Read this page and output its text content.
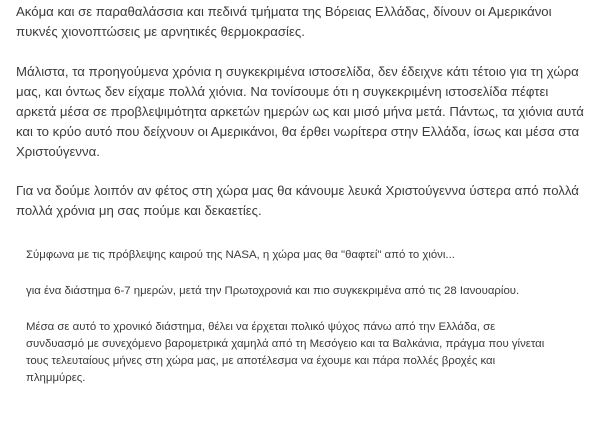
Ακόμα και σε παραθαλάσσια και πεδινά τμήματα της Βόρειας Ελλάδας, δίνουν οι Αμερικάνοι πυκνές χιονοπτώσεις με αρνητικές θερμοκρασίες.

Μάλιστα, τα προηγούμενα χρόνια η συγκεκριμένα ιστοσελίδα, δεν έδειχνε κάτι τέτοιο για τη χώρα μας, και όντως δεν είχαμε πολλά χιόνια. Να τονίσουμε ότι η συγκεκριμένη ιστοσελίδα πέφτει αρκετά μέσα σε προβλεψιμότητα αρκετών ημερών ως και μισό μήνα μετά. Πάντως, τα χιόνια αυτά και το κρύο αυτό που δείχνουν οι Αμερικάνοι, θα έρθει νωρίτερα στην Ελλάδα, ίσως και μέσα στα Χριστούγεννα.

Για να δούμε λοιπόν αν φέτος στη χώρα μας θα κάνουμε λευκά Χριστούγεννα ύστερα από πολλά πολλά χρόνια μη σας πούμε και δεκαετίες.

Σύμφωνα με τις πρόβλεψης καιρού της NASA, η χώρα μας θα "θαφτεί" από το χιόνι...

για ένα διάστημα 6-7 ημερών, μετά την Πρωτοχρονιά και πιο συγκεκριμένα από τις 28 Ιανουαρίου.

Μέσα σε αυτό το χρονικό διάστημα, θέλει να έρχεται πολικό ψύχος πάνω από την Ελλάδα, σε συνδυασμό με συνεχόμενο βαρομετρικά χαμηλά από τη Μεσόγειο και τα Βαλκάνια, πράγμα που γίνεται τους τελευταίους μήνες στη χώρα μας, με αποτέλεσμα να έχουμε και πάρα πολλές βροχές και πλημμύρες.
